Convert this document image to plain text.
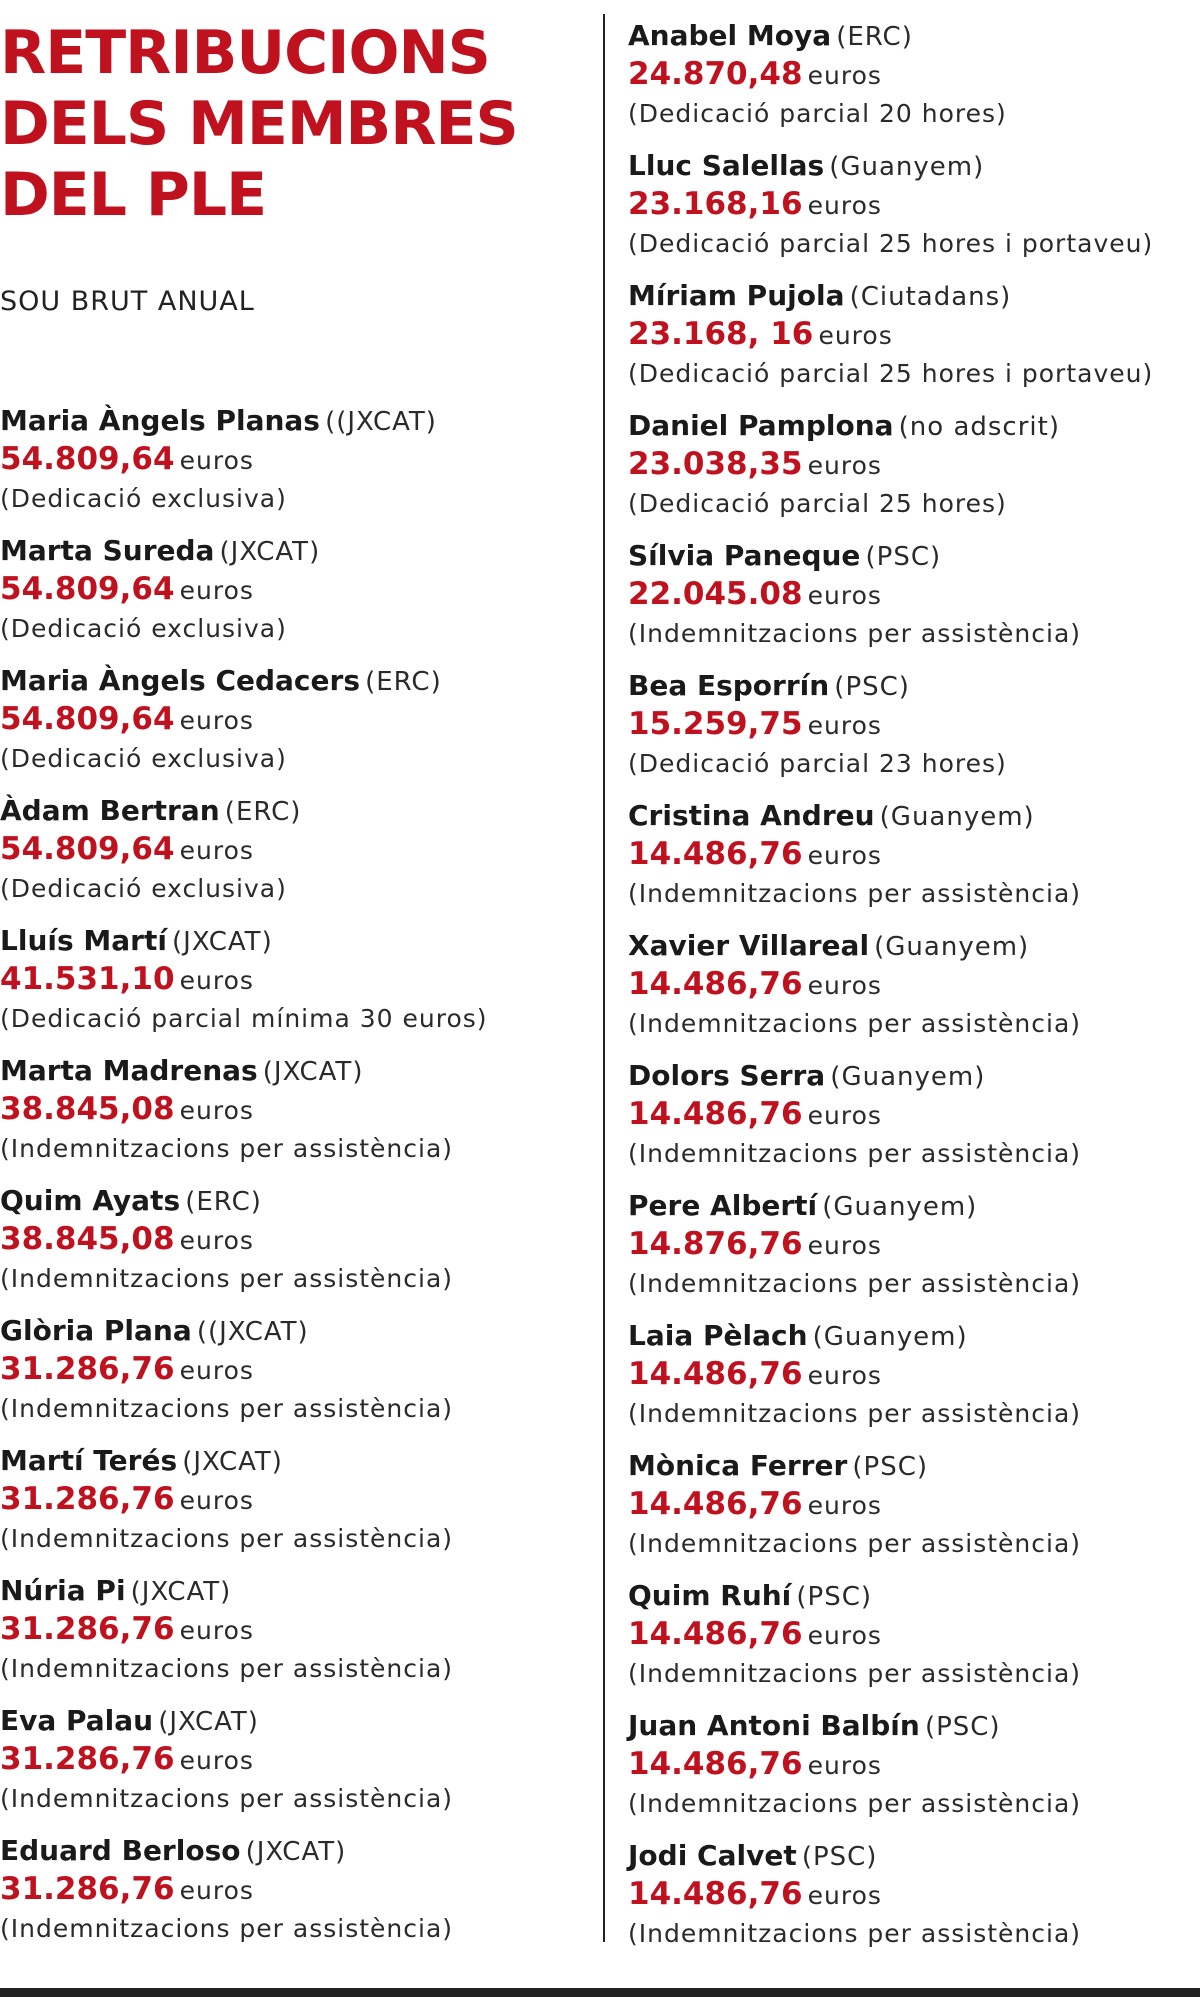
RETRIBUCIONS
DELS MEMBRES
DEL PLE
SOU BRUT ANUAL
Maria Àngels Planas ((JXCAT)
54.809,64 euros
(Dedicació exclusiva)
Marta Sureda (JXCAT)
54.809,64 euros
(Dedicació exclusiva)
Maria Àngels Cedacers (ERC)
54.809,64 euros
(Dedicació exclusiva)
Àdam Bertran (ERC)
54.809,64 euros
(Dedicació exclusiva)
Lluís Martí (JXCAT)
41.531,10 euros
(Dedicació parcial mínima 30 euros)
Marta Madrenas (JXCAT)
38.845,08 euros
(Indemnitzacions per assistència)
Quim Ayats (ERC)
38.845,08 euros
(Indemnitzacions per assistència)
Glòria Plana ((JXCAT)
31.286,76 euros
(Indemnitzacions per assistència)
Martí Terés (JXCAT)
31.286,76 euros
(Indemnitzacions per assistència)
Núria Pi (JXCAT)
31.286,76 euros
(Indemnitzacions per assistència)
Eva Palau (JXCAT)
31.286,76 euros
(Indemnitzacions per assistència)
Eduard Berloso (JXCAT)
31.286,76 euros
(Indemnitzacions per assistència)
Anabel Moya (ERC)
24.870,48 euros
(Dedicació parcial 20 hores)
Lluc Salellas (Guanyem)
23.168,16 euros
(Dedicació parcial 25 hores i portaveu)
Míriam Pujola (Ciutadans)
23.168, 16 euros
(Dedicació parcial 25 hores i portaveu)
Daniel Pamplona (no adscrit)
23.038,35 euros
(Dedicació parcial 25 hores)
Sílvia Paneque (PSC)
22.045.08 euros
(Indemnitzacions per assistència)
Bea Esporrín (PSC)
15.259,75 euros
(Dedicació parcial 23 hores)
Cristina Andreu (Guanyem)
14.486,76 euros
(Indemnitzacions per assistència)
Xavier Villareal (Guanyem)
14.486,76 euros
(Indemnitzacions per assistència)
Dolors Serra (Guanyem)
14.486,76 euros
(Indemnitzacions per assistència)
Pere Albertí (Guanyem)
14.876,76 euros
(Indemnitzacions per assistència)
Laia Pèlach (Guanyem)
14.486,76 euros
(Indemnitzacions per assistència)
Mònica Ferrer (PSC)
14.486,76 euros
(Indemnitzacions per assistència)
Quim Ruhí (PSC)
14.486,76 euros
(Indemnitzacions per assistència)
Juan Antoni Balbín (PSC)
14.486,76 euros
(Indemnitzacions per assistència)
Jodi Calvet (PSC)
14.486,76 euros
(Indemnitzacions per assistència)
